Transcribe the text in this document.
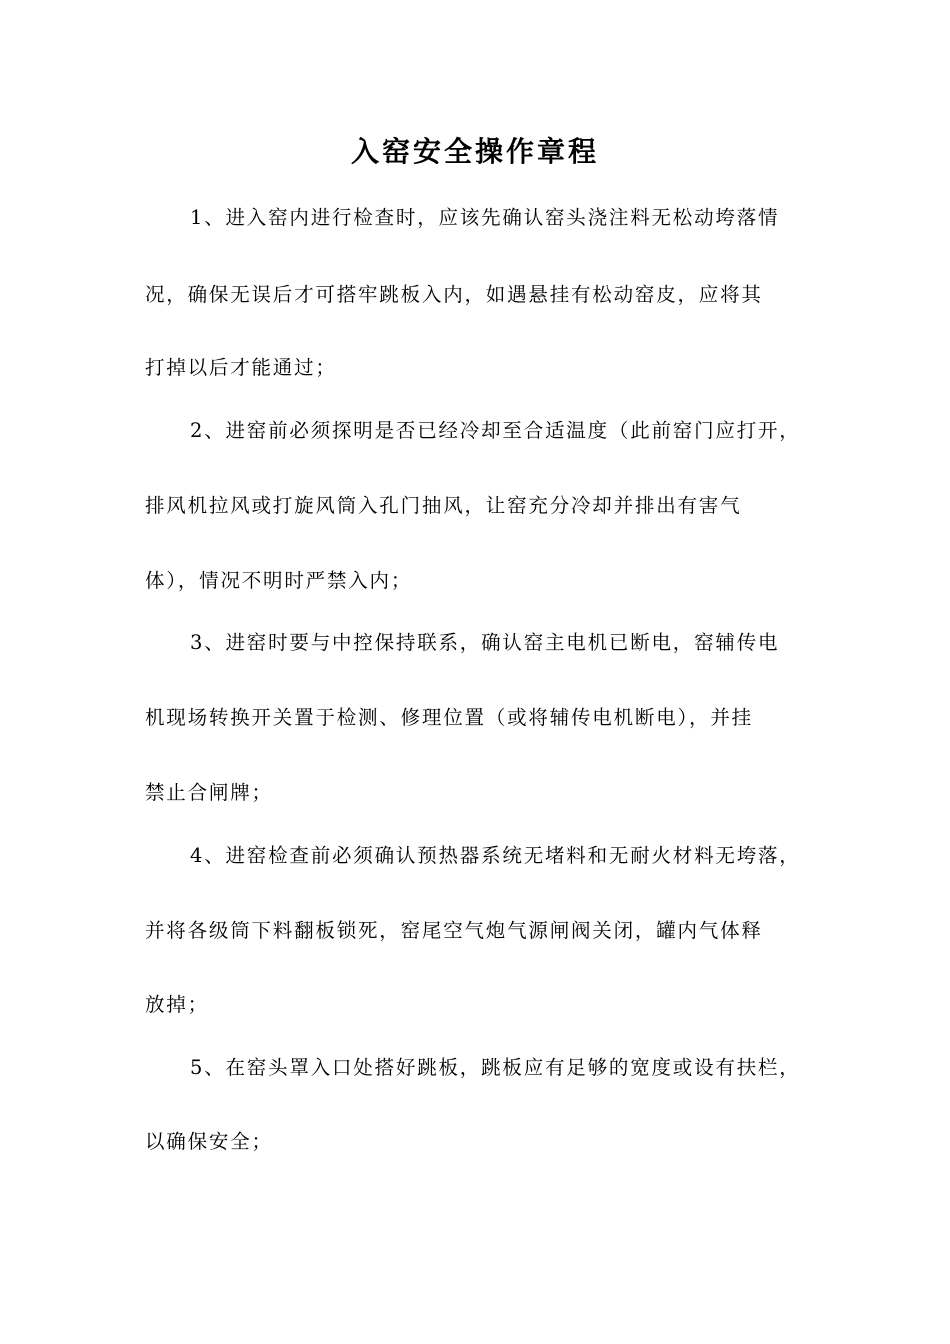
入窑安全操作章程

1、进入窑内进行检查时，应该先确认窑头浇注料无松动垮落情

况，确保无误后才可搭牢跳板入内，如遇悬挂有松动窑皮，应将其

打掉以后才能通过；

2、进窑前必须探明是否已经冷却至合适温度（此前窑门应打开，

排风机拉风或打旋风筒入孔门抽风，让窑充分冷却并排出有害气

体），情况不明时严禁入内；

3、进窑时要与中控保持联系，确认窑主电机已断电，窑辅传电

机现场转换开关置于检测、修理位置（或将辅传电机断电），并挂

禁止合闸牌；

4、进窑检查前必须确认预热器系统无堵料和无耐火材料无垮落，

并将各级筒下料翻板锁死，窑尾空气炮气源闸阀关闭，罐内气体释

放掉；

5、在窑头罩入口处搭好跳板，跳板应有足够的宽度或设有扶栏，

以确保安全；
